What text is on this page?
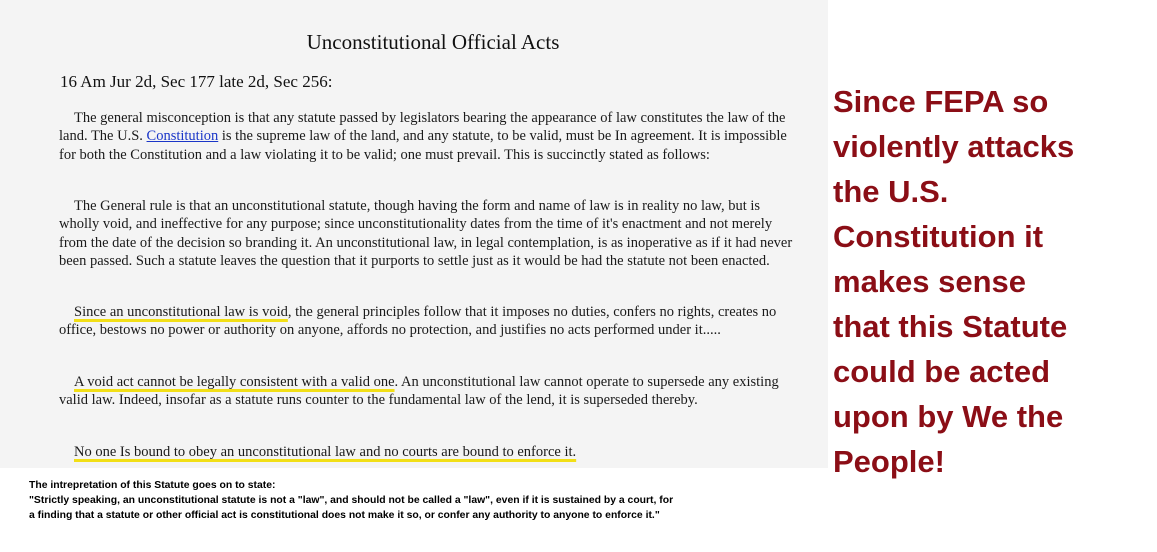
Unconstitutional Official Acts
16 Am Jur 2d, Sec 177 late 2d, Sec 256:

The general misconception is that any statute passed by legislators bearing the appearance of law constitutes the law of the land. The U.S. Constitution is the supreme law of the land, and any statute, to be valid, must be In agreement. It is impossible for both the Constitution and a law violating it to be valid; one must prevail. This is succinctly stated as follows:

The General rule is that an unconstitutional statute, though having the form and name of law is in reality no law, but is wholly void, and ineffective for any purpose; since unconstitutionality dates from the time of it's enactment and not merely from the date of the decision so branding it. An unconstitutional law, in legal contemplation, is as inoperative as if it had never been passed. Such a statute leaves the question that it purports to settle just as it would be had the statute not been enacted.

Since an unconstitutional law is void, the general principles follow that it imposes no duties, confers no rights, creates no office, bestows no power or authority on anyone, affords no protection, and justifies no acts performed under it.....

A void act cannot be legally consistent with a valid one. An unconstitutional law cannot operate to supersede any existing valid law. Indeed, insofar as a statute runs counter to the fundamental law of the lend, it is superseded thereby.

No one Is bound to obey an unconstitutional law and no courts are bound to enforce it.

The intrepretation of this Statute goes on to state:
"Strictly speaking, an unconstitutional statute is not a "law", and should not be called a "law", even if it is sustained by a court, for
a finding that a statute or other official act is constitutional does not make it so, or confer any authority to anyone to enforce it."
Since FEPA so
violently attacks
the U.S.
Constitution it
makes sense
that this Statute
could be acted
upon by We the
People!
